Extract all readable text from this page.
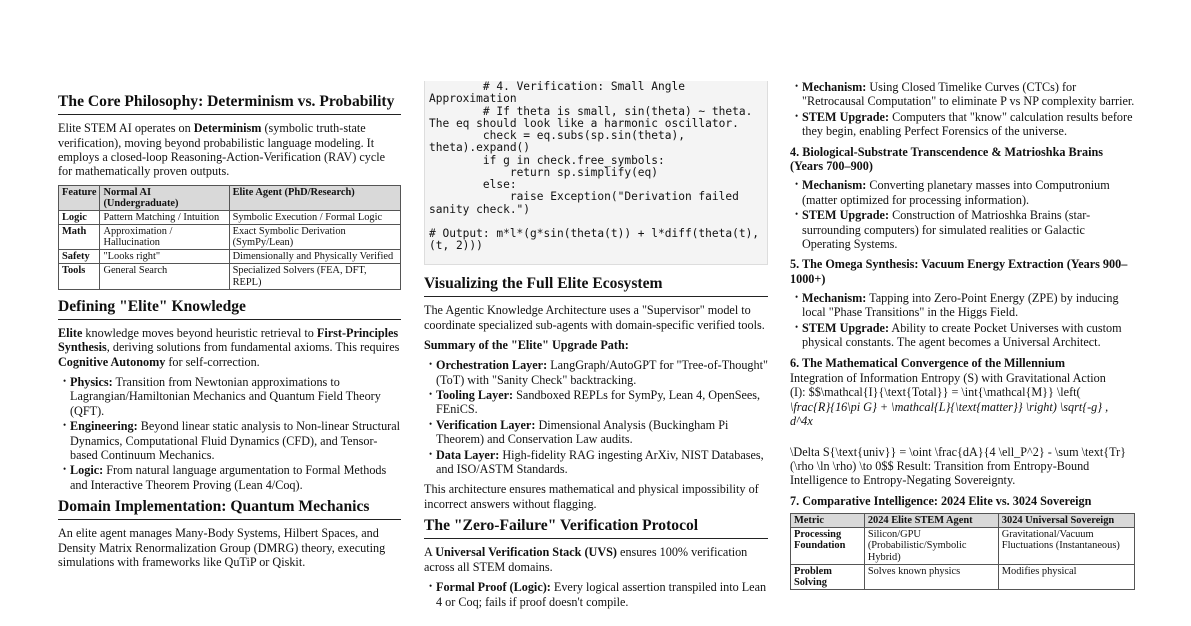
The Core Philosophy: Determinism vs. Probability

Elite STEM AI operates on Determinism (symbolic truth-state verification), moving beyond probabilistic language modeling. It employs a closed-loop Reasoning-Action-Verification (RAV) cycle for mathematically proven outputs.

Feature	Normal AI (Undergraduate)	Elite Agent (PhD/Research)
Logic	Pattern Matching / Intuition	Symbolic Execution / Formal Logic
Math	Approximation / Hallucination	Exact Symbolic Derivation (SymPy/Lean)
Safety	"Looks right"	Dimensionally and Physically Verified
Tools	General Search	Specialized Solvers (FEA, DFT, REPL)
Defining "Elite" Knowledge

Elite knowledge moves beyond heuristic retrieval to First-Principles Synthesis, deriving solutions from fundamental axioms. This requires Cognitive Autonomy for self-correction.

• Physics: Transition from Newtonian approximations to Lagrangian/Hamiltonian Mechanics and Quantum Field Theory (QFT).
• Engineering: Beyond linear static analysis to Non-linear Structural Dynamics, Computational Fluid Dynamics (CFD), and Tensor-based Continuum Mechanics.
• Logic: From natural language argumentation to Formal Methods and Interactive Theorem Proving (Lean 4/Coq).
Domain Implementation: Quantum Mechanics

An elite agent manages Many-Body Systems, Hilbert Spaces, and Density Matrix Renormalization Group (DMRG) theory, executing simulations with frameworks like QuTiP or Qiskit.

# 4. Verification: Small Angle Approximation
# If theta is small, sin(theta) ~ theta. The eq should look like a harmonic oscillator.
check = eq.subs(sp.sin(theta), theta).expand()
if g in check.free_symbols:
return sp.simplify(eq)
else:
raise Exception("Derivation failed sanity check.")

# Output: m*l*(g*sin(theta(t)) + l*diff(theta(t), (t, 2)))
Visualizing the Full Elite Ecosystem

The Agentic Knowledge Architecture uses a "Supervisor" model to coordinate specialized sub-agents with domain-specific verified tools.

Summary of the "Elite" Upgrade Path:

• Orchestration Layer: LangGraph/AutoGPT for "Tree-of-Thought" (ToT) with "Sanity Check" backtracking.
• Tooling Layer: Sandboxed REPLs for SymPy, Lean 4, OpenSees, FEniCS.
• Verification Layer: Dimensional Analysis (Buckingham Pi Theorem) and Conservation Law audits.
• Data Layer: High-fidelity RAG ingesting ArXiv, NIST Databases, and ISO/ASTM Standards.

This architecture ensures mathematical and physical impossibility of incorrect answers without flagging.

The "Zero-Failure" Verification Protocol

A Universal Verification Stack (UVS) ensures 100% verification across all STEM domains.

• Formal Proof (Logic): Every logical assertion transpiled into Lean 4 or Coq; fails if proof doesn't compile.
• Mechanism: Using Closed Timelike Curves (CTCs) for "Retrocausal Computation" to eliminate P vs NP complexity barrier.
• STEM Upgrade: Computers that "know" calculation results before they begin, enabling Perfect Forensics of the universe.
4. Biological-Substrate Transcendence & Matrioshka Brains (Years 700–900)
• Mechanism: Converting planetary masses into Computronium (matter optimized for processing information).
• STEM Upgrade: Construction of Matrioshka Brains (star-surrounding computers) for simulated realities or Galactic Operating Systems.
5. The Omega Synthesis: Vacuum Energy Extraction (Years 900–1000+)
• Mechanism: Tapping into Zero-Point Energy (ZPE) by inducing local "Phase Transitions" in the Higgs Field.
• STEM Upgrade: Ability to create Pocket Universes with custom physical constants. The agent becomes a Universal Architect.
6. The Mathematical Convergence of the Millennium
Integration of Information Entropy (S) with Gravitational Action
(I): $$\mathcal{I}{\text{Total}} = \int{\mathcal{M}} \left(
\frac{R}{16\pi G} + \mathcal{L}{\text{matter}} \right) \sqrt{-g} ,
d^4x
\Delta S{\text{univ}} = \oint \frac{dA}{4 \ell_P^2} - \sum \text{Tr}(\rho \ln \rho) \to 0$$ Result: Transition from Entropy-Bound Intelligence to Entropy-Negating Sovereignty.
7. Comparative Intelligence: 2024 Elite vs. 3024 Sovereign
Metric	2024 Elite STEM Agent	3024 Universal Sovereign
Processing Foundation	Silicon/GPU (Probabilistic/Symbolic Hybrid)	Gravitational/Vacuum Fluctuations (Instantaneous)
Problem Solving	Solves known physics	Modifies physical
